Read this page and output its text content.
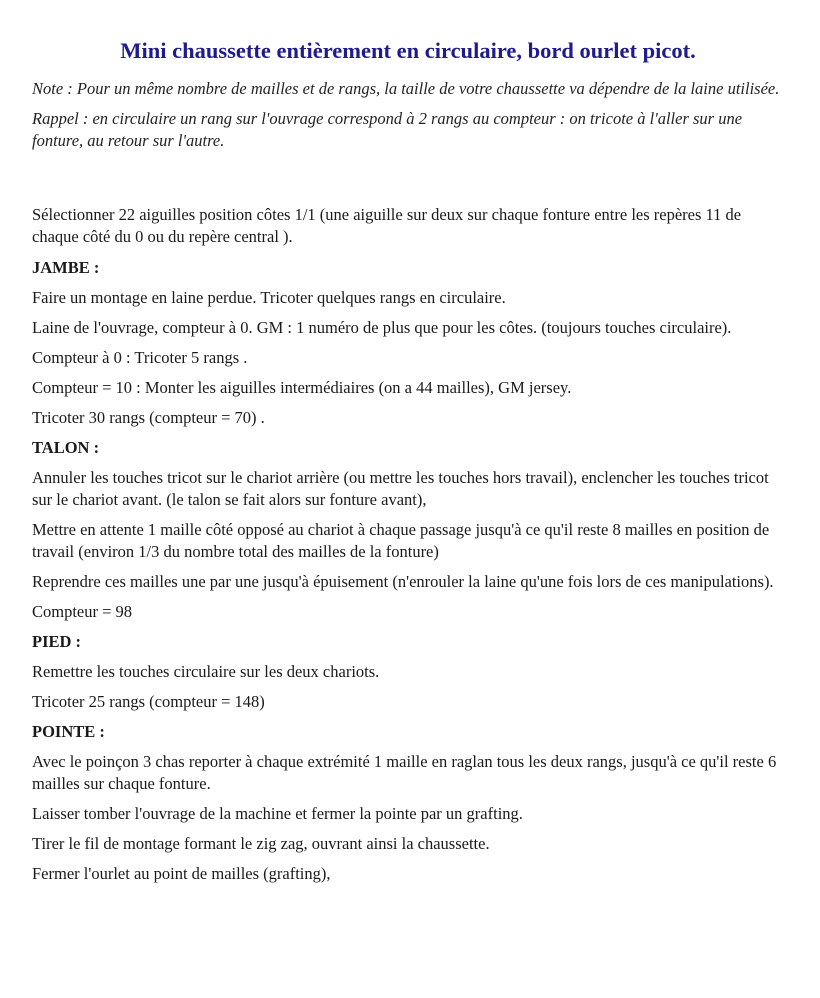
Mini chaussette entièrement en circulaire, bord ourlet picot.

Note : Pour un même nombre de mailles et de rangs, la taille de votre chaussette va dépendre de la laine utilisée.

Rappel : en circulaire un rang sur l'ouvrage correspond à 2 rangs au compteur : on tricote à l'aller sur une fonture, au retour sur l'autre.

Sélectionner 22 aiguilles position côtes 1/1 (une aiguille sur deux sur chaque fonture entre les repères 11 de chaque côté du 0 ou du repère central ).

JAMBE :

Faire un montage en laine perdue. Tricoter quelques rangs en circulaire.

Laine de l'ouvrage, compteur à 0. GM : 1 numéro de plus que pour les côtes. (toujours touches circulaire).

Compteur à 0 : Tricoter 5 rangs .

Compteur = 10 : Monter les aiguilles intermédiaires (on a 44 mailles), GM jersey.

Tricoter 30 rangs (compteur = 70) .

TALON :

Annuler les touches tricot sur le chariot arrière (ou mettre les touches hors travail), enclencher les touches tricot sur le chariot avant. (le talon se fait alors sur fonture avant),

Mettre en attente 1 maille côté opposé au chariot à chaque passage jusqu'à ce qu'il reste 8 mailles en position de travail (environ 1/3 du nombre total des mailles de la fonture)

Reprendre ces mailles une par une jusqu'à épuisement (n'enrouler la laine qu'une fois lors de ces manipulations).

Compteur = 98

PIED :

Remettre les touches circulaire sur les deux chariots.

Tricoter 25 rangs (compteur = 148)

POINTE :

Avec le poinçon 3 chas reporter à chaque extrémité 1 maille en raglan tous les deux rangs, jusqu'à ce qu'il reste 6 mailles sur chaque fonture.

Laisser tomber l'ouvrage de la machine et fermer la pointe par un grafting.

Tirer le fil de montage formant le zig zag, ouvrant ainsi la chaussette.

Fermer l'ourlet au point de mailles (grafting),
